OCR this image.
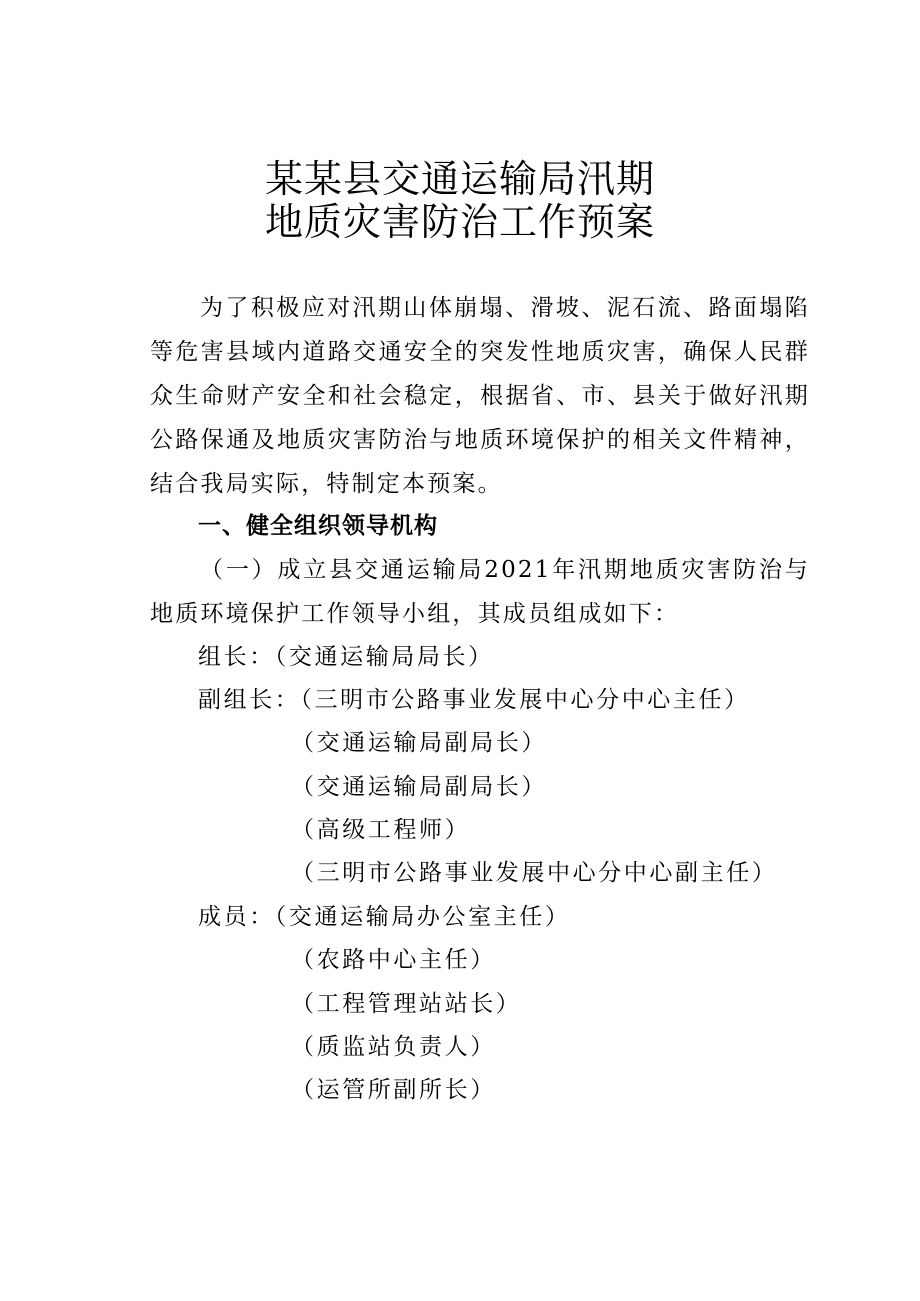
某某县交通运输局汛期
地质灾害防治工作预案
为了积极应对汛期山体崩塌、滑坡、泥石流、路面塌陷等危害县域内道路交通安全的突发性地质灾害，确保人民群众生命财产安全和社会稳定，根据省、市、县关于做好汛期公路保通及地质灾害防治与地质环境保护的相关文件精神，结合我局实际，特制定本预案。
一、健全组织领导机构
（一）成立县交通运输局2021年汛期地质灾害防治与地质环境保护工作领导小组，其成员组成如下：
组长：（交通运输局局长）
副组长：（三明市公路事业发展中心分中心主任）
（交通运输局副局长）
（交通运输局副局长）
（高级工程师）
（三明市公路事业发展中心分中心副主任）
成员：（交通运输局办公室主任）
（农路中心主任）
（工程管理站站长）
（质监站负责人）
（运管所副所长）
